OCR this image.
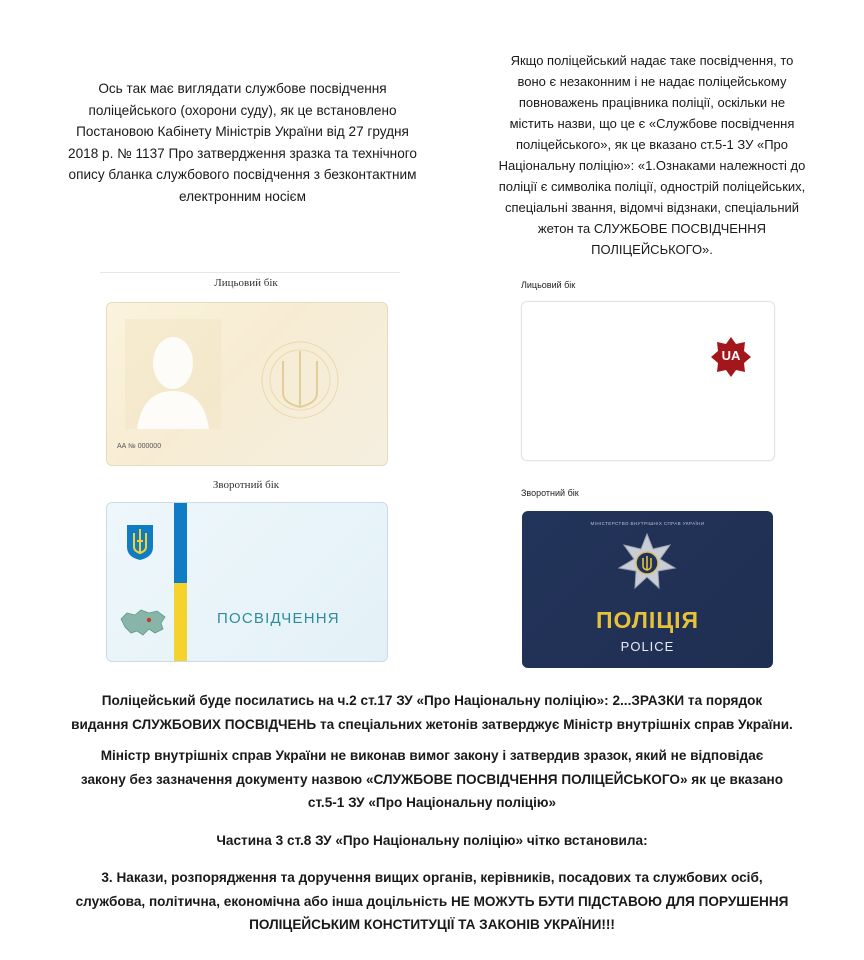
Ось так має виглядати службове посвідчення
поліцейського (охорони суду), як це встановлено
Постановою Кабінету Міністрів України від 27 грудня
2018 р. № 1137 Про затвердження зразка та технічного
опису бланка службового посвідчення з безконтактним
електронним носієм
Якщо поліцейський надає таке посвідчення, то
воно є незаконним і не надає поліцейському
повноважень працівника поліції, оскільки не
містить назви, що це є «Службове посвідчення
поліцейського», як це вказано ст.5-1 ЗУ «Про
Національну поліцію»: «1.Ознаками належності до
поліції є символіка поліції, однострій поліцейських,
спеціальні звання, відомчі відзнаки, спеціальний
жетон та СЛУЖБОВЕ ПОСВІДЧЕННЯ
ПОЛІЦЕЙСЬКОГО».
Лицьовий бік
АА № 000000
Зворотний бік
ПОСВІДЧЕННЯ
Лицьовий бік
UA
Зворотний бік
МІНІСТЕРСТВО ВНУТРІШНІХ СПРАВ УКРАЇНИ
ПОЛІЦІЯ
POLICE
Поліцейський буде посилатись на ч.2 ст.17 ЗУ «Про Національну поліцію»: 2...ЗРАЗКИ та порядок
видання СЛУЖБОВИХ ПОСВІДЧЕНЬ та спеціальних жетонів затверджує Міністр внутрішніх справ України.
Міністр внутрішніх справ України не виконав вимог закону і затвердив зразок, який не відповідає
закону без зазначення документу назвою «СЛУЖБОВЕ ПОСВІДЧЕННЯ ПОЛІЦЕЙСЬКОГО» як це вказано
ст.5-1 ЗУ «Про Національну поліцію»
Частина 3 ст.8 ЗУ «Про Національну поліцію» чітко встановила:
3. Накази, розпорядження та доручення вищих органів, керівників, посадових та службових осіб,
службова, політична, економічна або інша доцільність НЕ МОЖУТЬ БУТИ ПІДСТАВОЮ ДЛЯ ПОРУШЕННЯ
ПОЛІЦЕЙСЬКИМ КОНСТИТУЦІЇ ТА ЗАКОНІВ УКРАЇНИ!!!
